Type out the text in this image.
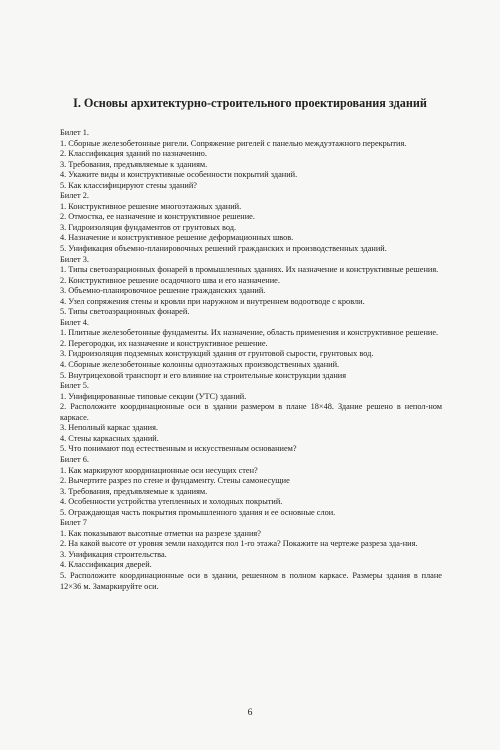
I. Основы архитектурно-строительного проектирования зданий
Билет 1.
1. Сборные железобетонные ригели. Сопряжение ригелей с панелью междуэтажного перекрытия.
2. Классификация зданий по назначению.
3. Требования, предъявляемые к зданиям.
4. Укажите виды и конструктивные особенности покрытий зданий.
5. Как классифицируют стены зданий?
Билет 2.
1. Конструктивное решение многоэтажных зданий.
2. Отмостка, ее назначение и конструктивное решение.
3. Гидроизоляция фундаментов от грунтовых вод.
4. Назначение и конструктивное решение деформационных швов.
5. Унификация объемно-планировочных решений гражданских и производственных зданий.
Билет 3.
1. Типы светоаэрационных фонарей в промышленных зданиях. Их назначение и конструктивные решения.
2. Конструктивное решение осадочного шва и его назначение.
3. Объемно-планировочное решение гражданских зданий.
4. Узел сопряжения стены и кровли при наружном и внутреннем водоотводе с кровли.
5. Типы светоаэрационных фонарей.
Билет 4.
1. Плитные железобетонные фундаменты. Их назначение, область применения и конструктивное решение.
2. Перегородки, их назначение и конструктивное решение.
3. Гидроизоляция подземных конструкций здания от грунтовой сырости, грунтовых вод.
4. Сборные железобетонные колонны одноэтажных производственных зданий.
5. Внутрицеховой транспорт и его влияние на строительные конструкции здания
Билет 5.
1. Унифицированные типовые секции (УТС) зданий.
2. Расположите координационные оси в здании размером в плане 18×48. Здание решено в непол-ном каркасе.
3. Неполный каркас здания.
4. Стены каркасных зданий.
5. Что понимают под естественным и искусственным основанием?
Билет 6.
1. Как маркируют координационные оси несущих стен?
2. Вычертите разрез по стене и фундаменту. Стены самонесущие
3. Требования, предъявляемые к зданиям.
4. Особенности устройства утепленных и холодных покрытий.
5. Ограждающая часть покрытия промышленного здания и ее основные слои.
Билет 7
1. Как показывают высотные отметки на разрезе здания?
2. На какой высоте от уровня земли находится пол 1-го этажа? Покажите на чертеже разреза зда-ния.
3. Унификация строительства.
4. Классификация дверей.
5. Расположите координационные оси в здании, решенном в полном каркасе. Размеры здания в плане 12×36 м. Замаркируйте оси.
6
